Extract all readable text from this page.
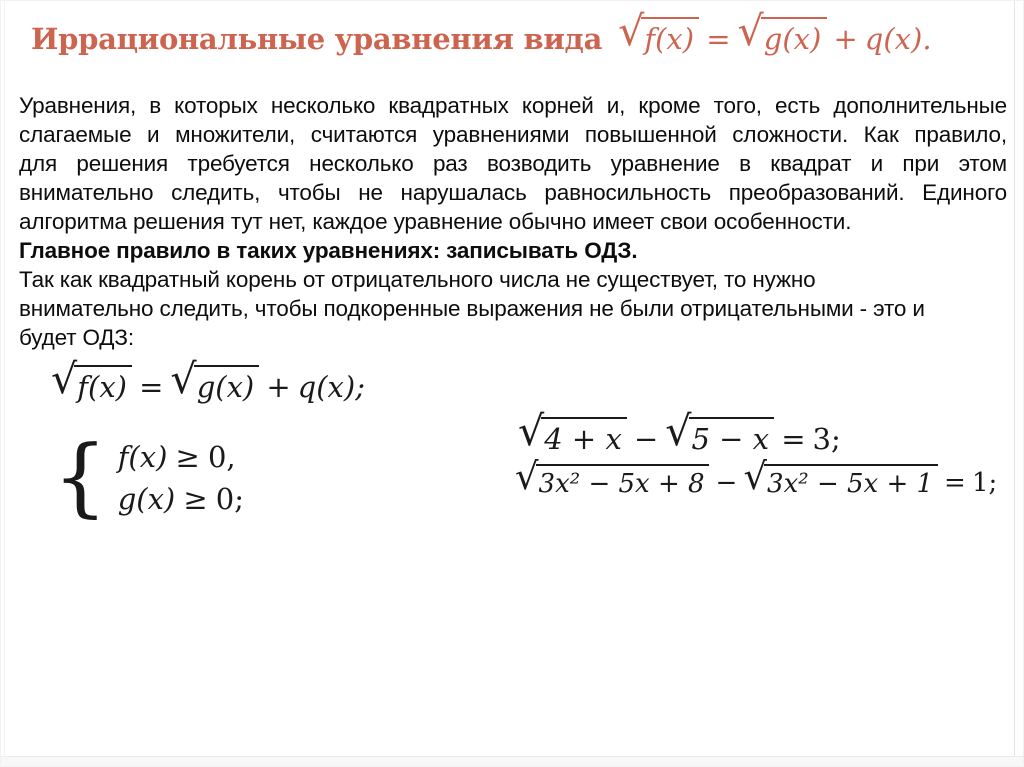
Иррациональные уравнения вида √ f(x) = √ g(x) + q(x).
Уравнения, в которых несколько квадратных корней и, кроме того, есть дополнительные
слагаемые и множители, считаются уравнениями повышенной сложности. Как правило,
для решения требуется несколько раз возводить уравнение в квадрат и при этом
внимательно следить, чтобы не нарушалась равносильность преобразований. Единого
алгоритма решения тут нет, каждое уравнение обычно имеет свои особенности.
Главное правило в таких уравнениях: записывать ОДЗ.
Так как квадратный корень от отрицательного числа не существует, то нужно
внимательно следить, чтобы подкоренные выражения не были отрицательными - это и
будет ОДЗ:
√ f(x) = √ g(x) + q(x);
{ f(x) ≥ 0,
g(x) ≥ 0;
√ 4 + x − √ 5 − x = 3;
√ 3x² − 5x + 8 − √ 3x² − 5x + 1 = 1;
